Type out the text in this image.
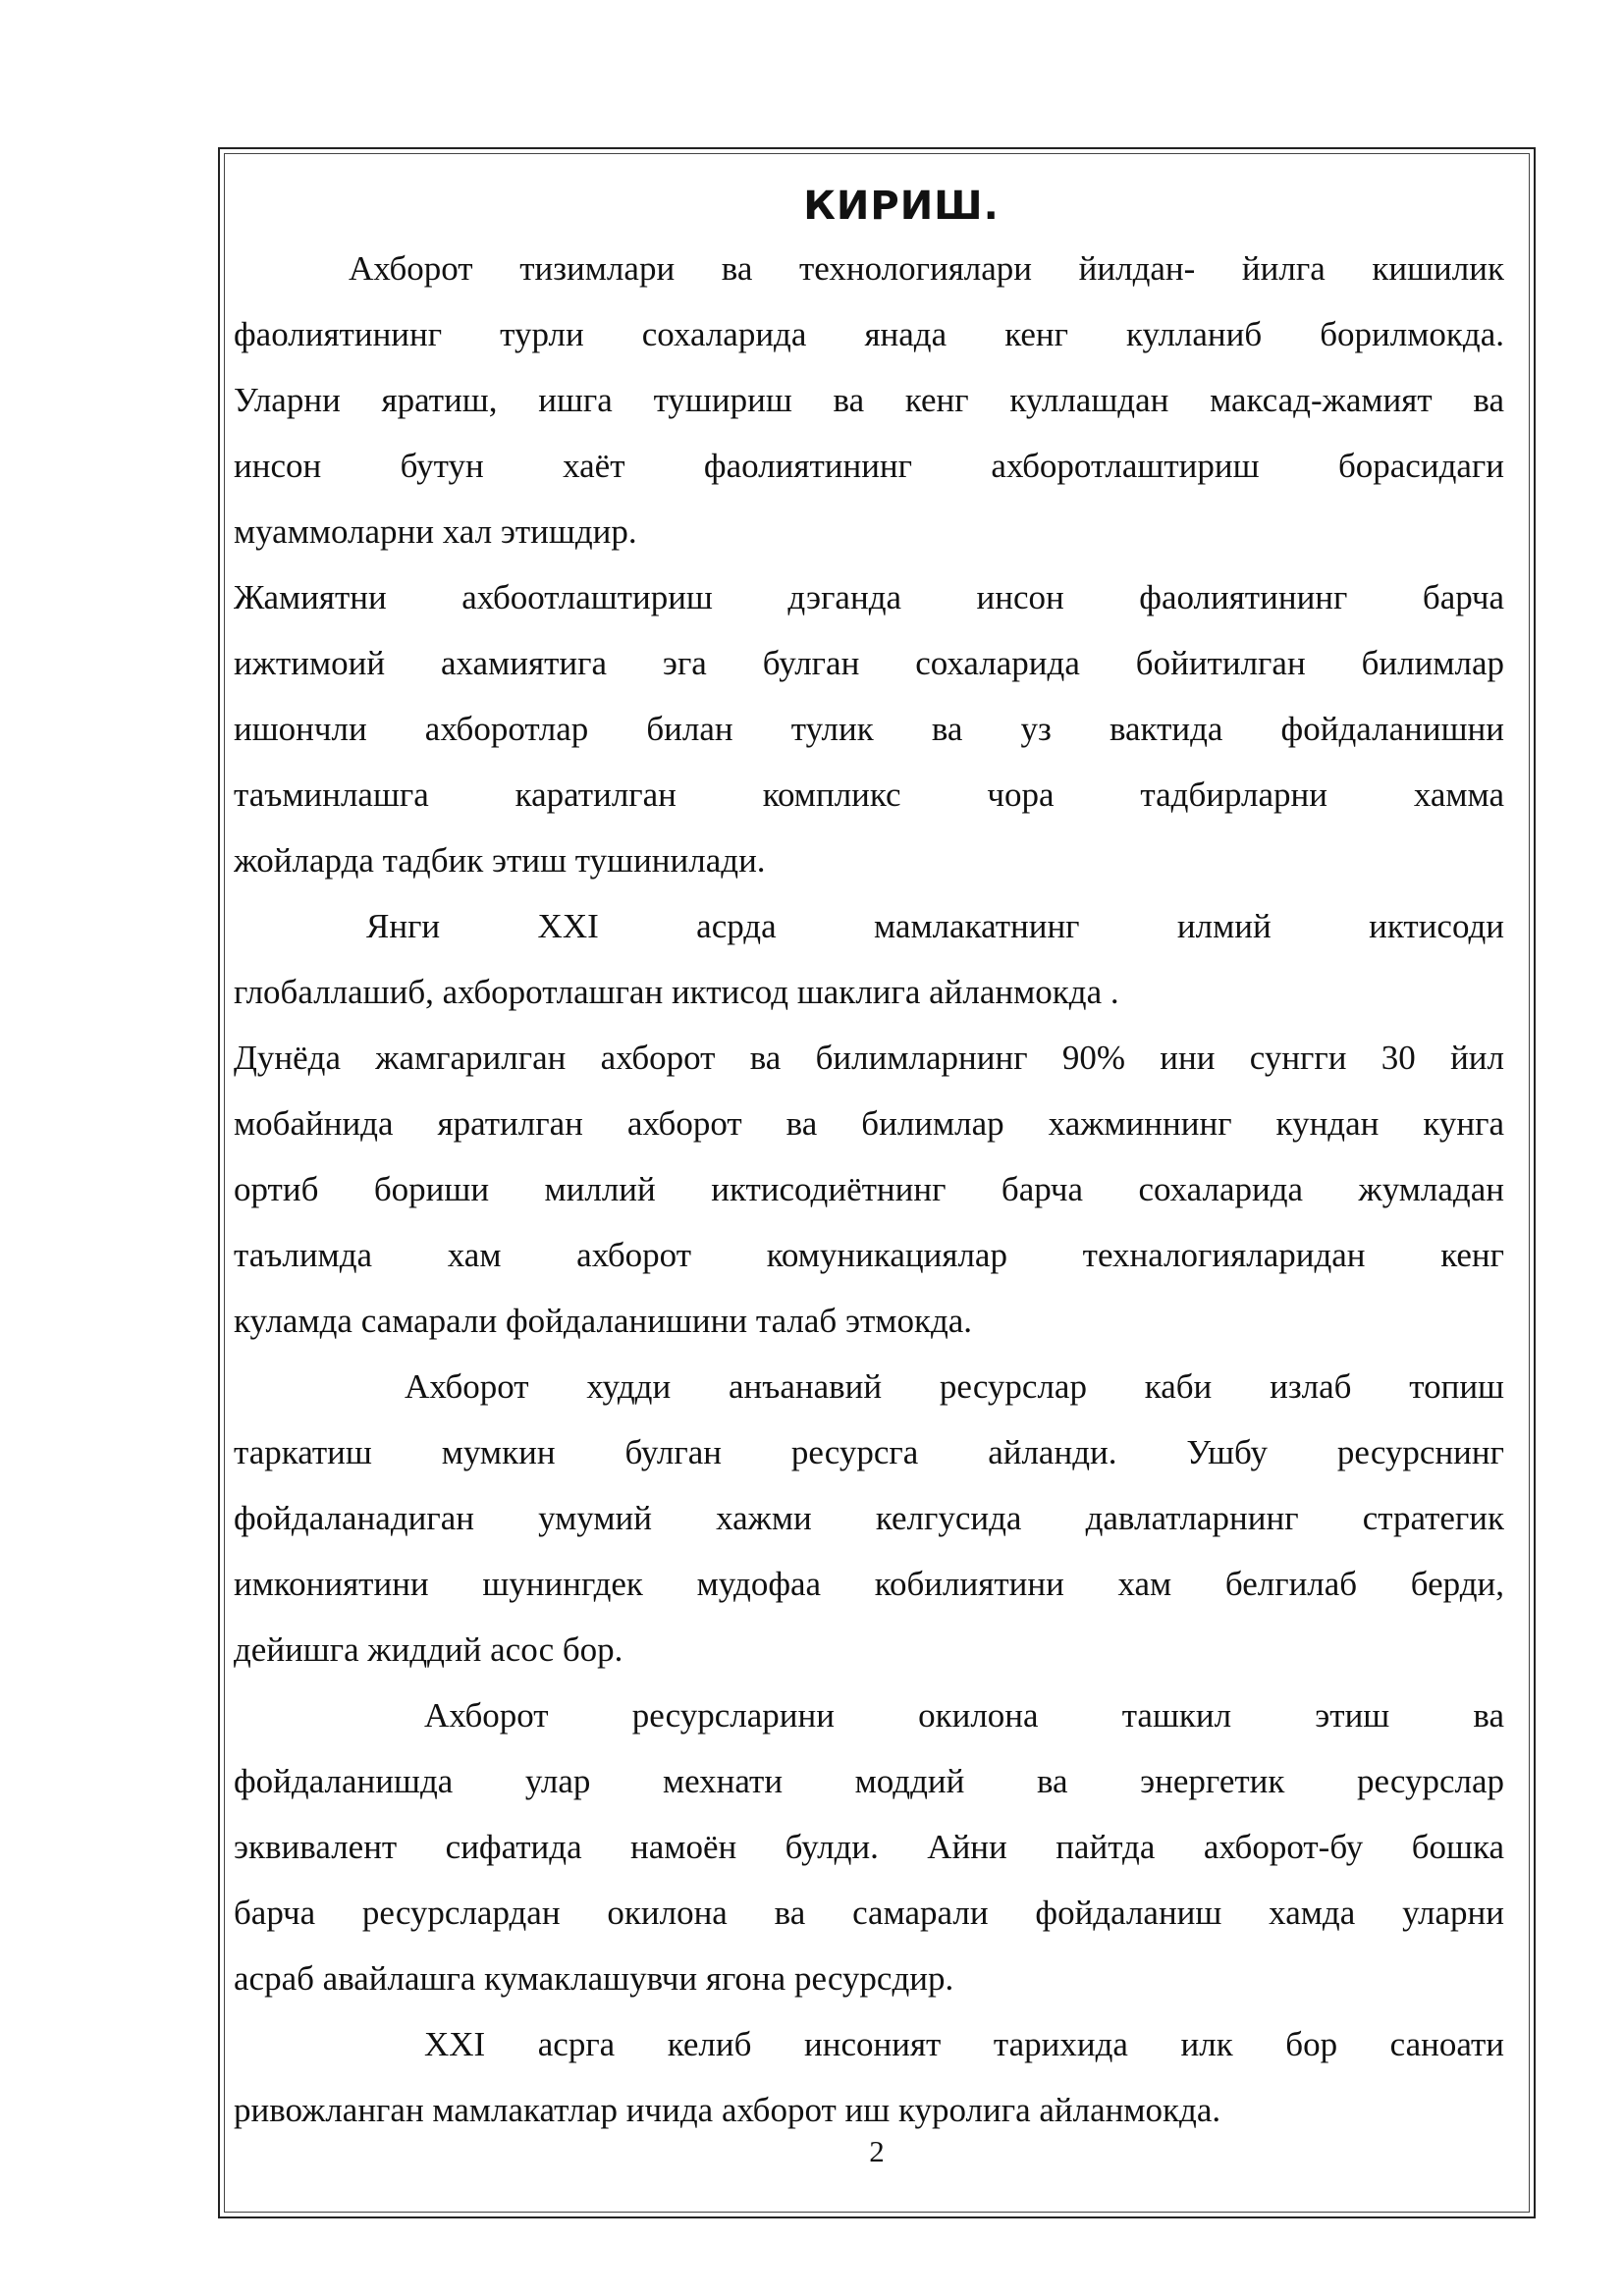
КИРИШ.
Ахборот тизимлари ва технологиялари йилдан- йилга кишилик
фаолиятининг турли сохаларида янада кенг кулланиб борилмокда.
Уларни яратиш, ишга тушириш ва кенг куллашдан максад-жамият ва
инсон бутун хаёт фаолиятининг ахборотлаштириш борасидаги
муаммоларни хал этишдир.
Жамиятни ахбоотлаштириш дэганда инсон фаолиятининг барча
ижтимоий ахамиятига эга булган сохаларида бойитилган билимлар
ишончли ахборотлар билан тулик ва уз вактида фойдаланишни
таъминлашга каратилган компликс чора тадбирларни хамма
жойларда тадбик этиш тушинилади.
Янги XXI асрда мамлакатнинг илмий иктисоди
глобаллашиб, ахборотлашган иктисод шаклига айланмокда .
Дунёда жамгарилган ахборот ва билимларнинг 90% ини сунгги 30 йил
мобайнида яратилган ахборот ва билимлар хажминнинг кундан кунга
ортиб бориши миллий иктисодиётнинг барча сохаларида жумладан
таълимда хам ахборот комуникациялар техналогияларидан кенг
куламда самарали фойдаланишини талаб этмокда.
Ахборот худди анъанавий ресурслар каби излаб топиш
таркатиш мумкин булган ресурсга айланди. Ушбу ресурснинг
фойдаланадиган умумий хажми келгусида давлатларнинг стратегик
имкониятини шунингдек мудофаа кобилиятини хам белгилаб берди,
дейишга жиддий асос бор.
Ахборот ресурсларини окилона ташкил этиш ва
фойдаланишда улар мехнати моддий ва энергетик ресурслар
эквивалент сифатида намоён булди. Айни пайтда ахборот-бу бошка
барча ресурслардан окилона ва самарали фойдаланиш хамда уларни
асраб авайлашга кумаклашувчи ягона ресурсдир.
XXI асрга келиб инсоният тарихида илк бор саноати
ривожланган мамлакатлар ичида ахборот иш куролига айланмокда.
2
